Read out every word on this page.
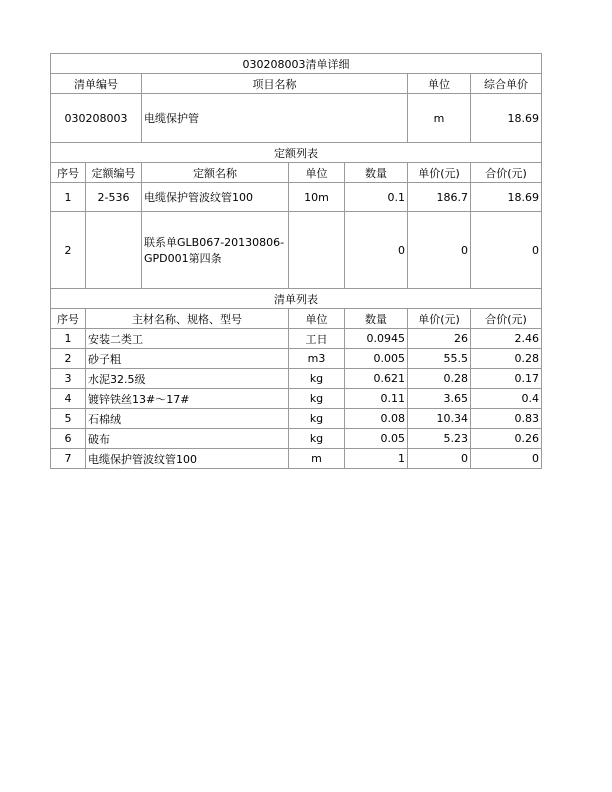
030208003清单详细						
清单编号		项目名称			单位	综合单价
030208003		电缆保护管			m	18.69
定额列表						
序号	定额编号	定额名称	单位	数量	单价(元)	合价(元)
1	2-536	电缆保护管波纹管100	10m	0.1	186.7	18.69
2		联系单GLB067-20130806-GPD001第四条		0	0	0
清单列表						
序号	主材名称、规格、型号		单位	数量	单价(元)	合价(元)
1	安装二类工		工日	0.0945	26	2.46
2	砂子粗		m3	0.005	55.5	0.28
3	水泥32.5级		kg	0.621	0.28	0.17
4	镀锌铁丝13#～17#		kg	0.11	3.65	0.4
5	石棉绒		kg	0.08	10.34	0.83
6	破布		kg	0.05	5.23	0.26
7	电缆保护管波纹管100		m	1	0	0
